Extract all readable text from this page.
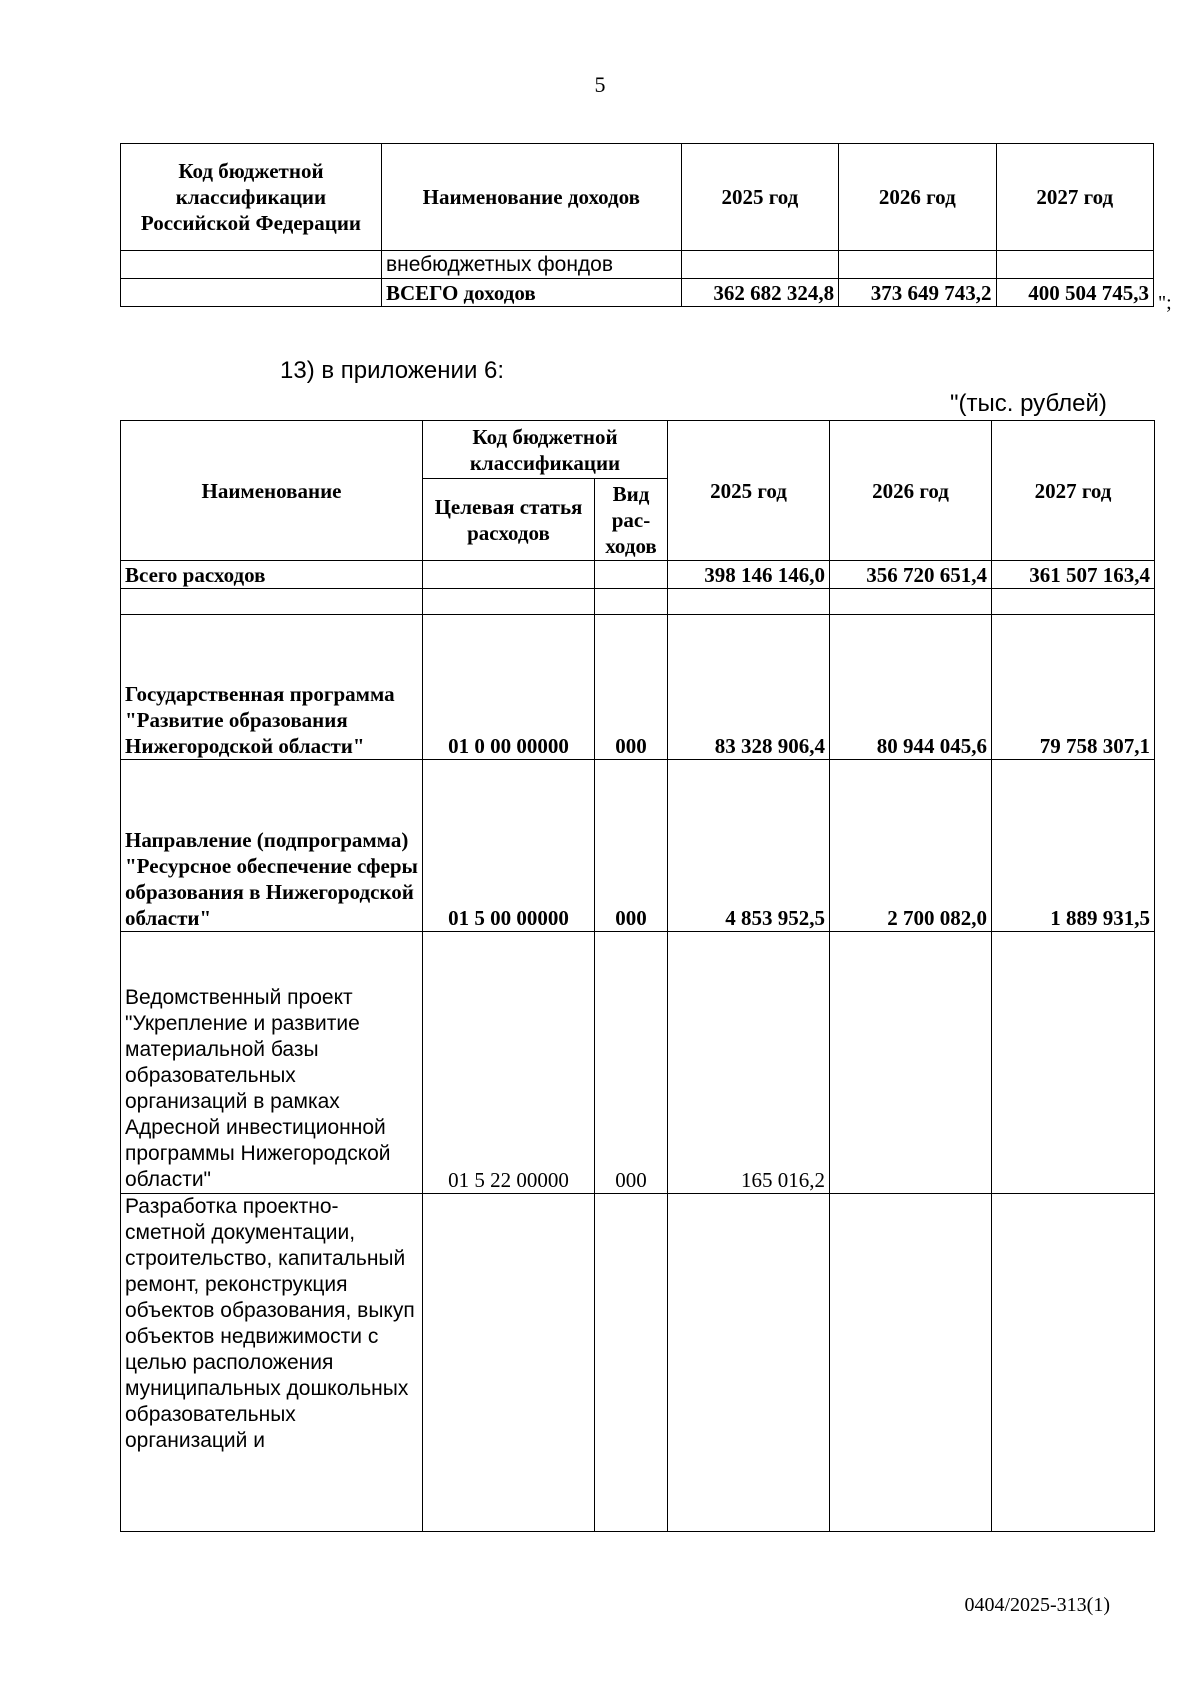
5
Код бюджетной классификации Российской Федерации	Наименование доходов	2025 год	2026 год	2027 год
	внебюджетных фондов			
	ВСЕГО доходов	362 682 324,8	373 649 743,2	400 504 745,3 ";
13) в приложении 6:
"(тыс. рублей)
Наименование	Код бюджетной классификации		2025 год	2026 год	2027 год
	Целевая статья расходов	Вид рас-ходов			
Всего расходов			398 146 146,0	356 720 651,4	361 507 163,4

Государственная программа "Развитие образования Нижегородской области"	01 0 00 00000	000	83 328 906,4	80 944 045,6	79 758 307,1
Направление (подпрограмма) "Ресурсное обеспечение сферы образования в Нижегородской области"	01 5 00 00000	000	4 853 952,5	2 700 082,0	1 889 931,5
Ведомственный проект "Укрепление и развитие материальной базы образовательных организаций в рамках Адресной инвестиционной программы Нижегородской области"	01 5 22 00000	000	165 016,2		
Разработка проектно-сметной документации, строительство, капитальный ремонт, реконструкция объектов образования, выкуп объектов недвижимости с целью расположения муниципальных дошкольных образовательных организаций и					
0404/2025-313(1)
